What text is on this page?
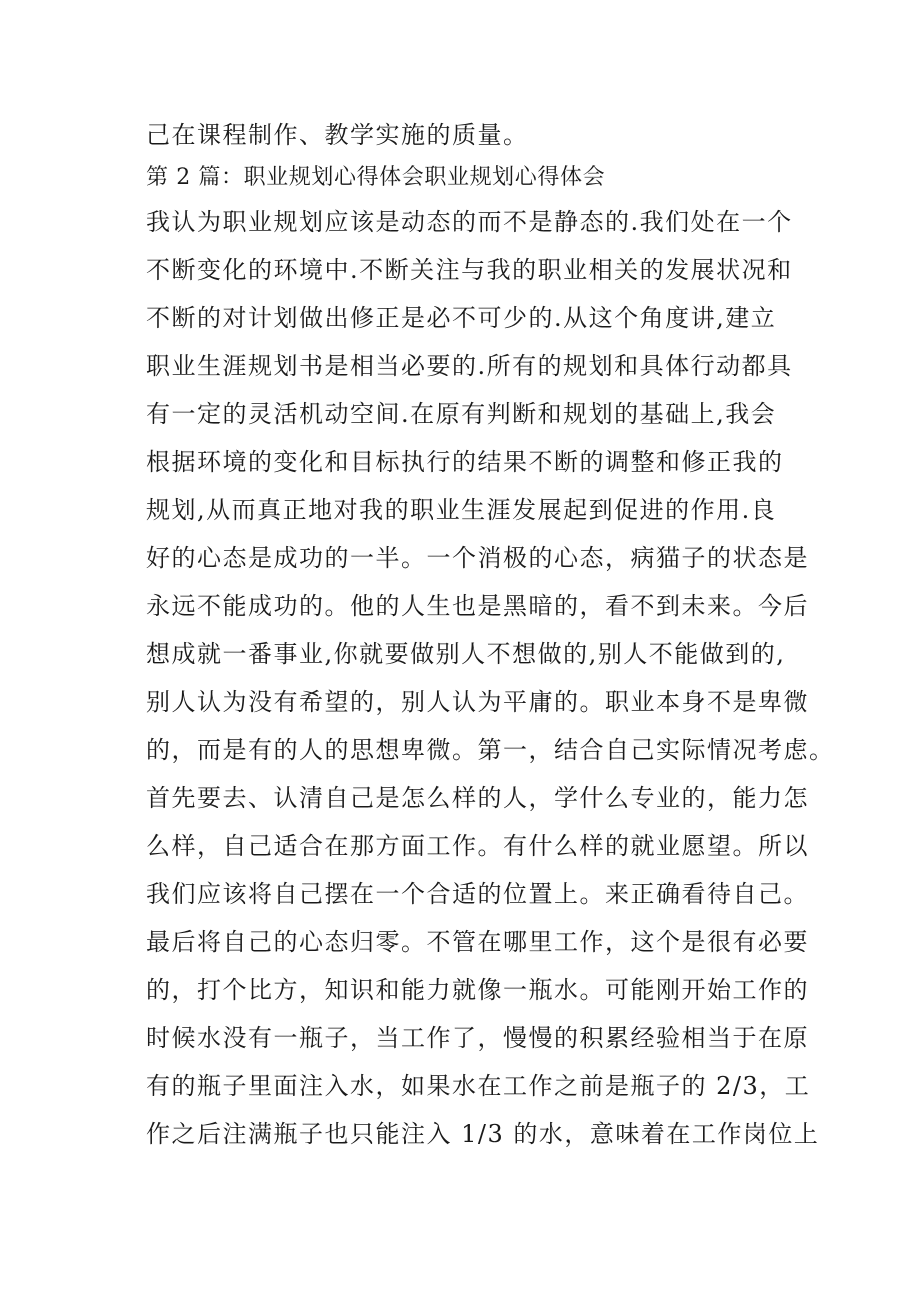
己在课程制作、教学实施的质量。
第 2 篇：职业规划心得体会职业规划心得体会
我认为职业规划应该是动态的而不是静态的.我们处在一个
不断变化的环境中.不断关注与我的职业相关的发展状况和
不断的对计划做出修正是必不可少的.从这个角度讲,建立
职业生涯规划书是相当必要的.所有的规划和具体行动都具
有一定的灵活机动空间.在原有判断和规划的基础上,我会
根据环境的变化和目标执行的结果不断的调整和修正我的
规划,从而真正地对我的职业生涯发展起到促进的作用.良
好的心态是成功的一半。一个消极的心态，病猫子的状态是
永远不能成功的。他的人生也是黑暗的，看不到未来。今后
想成就一番事业,你就要做别人不想做的,别人不能做到的,
别人认为没有希望的，别人认为平庸的。职业本身不是卑微
的，而是有的人的思想卑微。第一，结合自己实际情况考虑。
首先要去、认清自己是怎么样的人，学什么专业的，能力怎
么样，自己适合在那方面工作。有什么样的就业愿望。所以
我们应该将自己摆在一个合适的位置上。来正确看待自己。
最后将自己的心态归零。不管在哪里工作，这个是很有必要
的，打个比方，知识和能力就像一瓶水。可能刚开始工作的
时候水没有一瓶子，当工作了，慢慢的积累经验相当于在原
有的瓶子里面注入水，如果水在工作之前是瓶子的 2/3，工
作之后注满瓶子也只能注入 1/3 的水，意味着在工作岗位上
